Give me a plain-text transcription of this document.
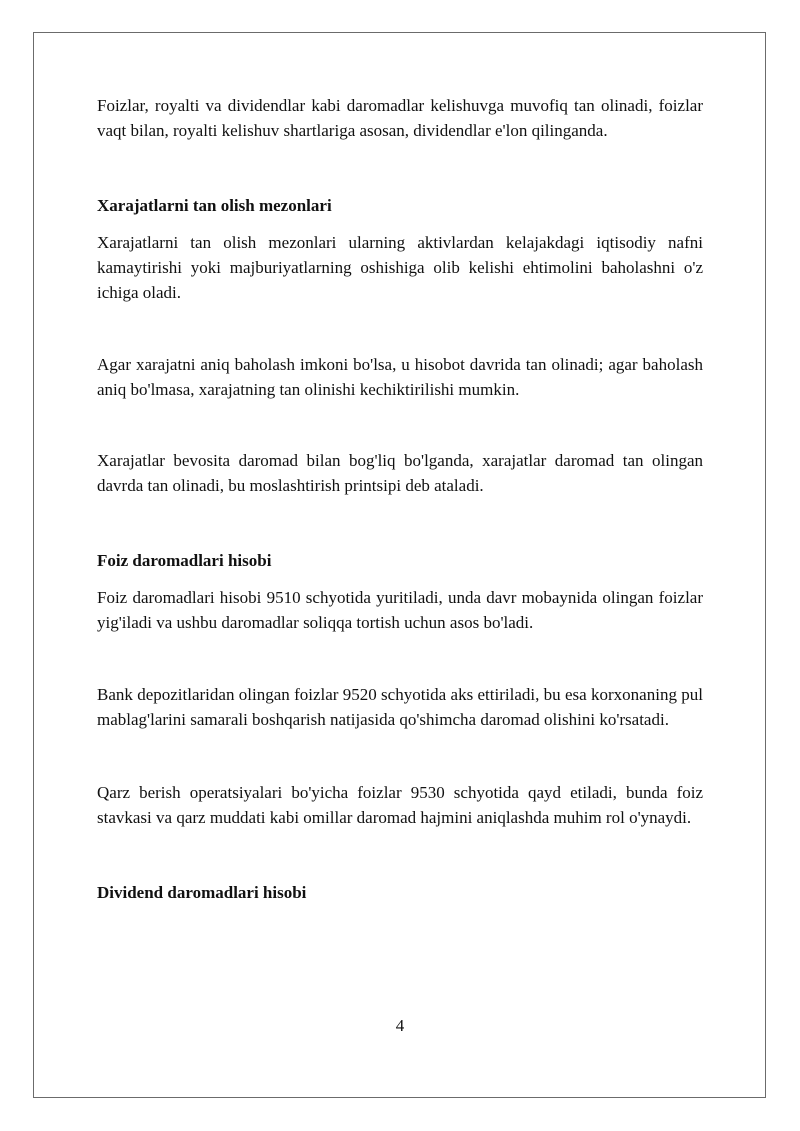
Foizlar, royalti va dividendlar kabi daromadlar kelishuvga muvofiq tan olinadi, foizlar vaqt bilan, royalti kelishuv shartlariga asosan, dividendlar e'lon qilinganda.

Xarajatlarni tan olish mezonlari

Xarajatlarni tan olish mezonlari ularning aktivlardan kelajakdagi iqtisodiy nafni kamaytirishi yoki majburiyatlarning oshishiga olib kelishi ehtimolini baholashni o'z ichiga oladi.

Agar xarajatni aniq baholash imkoni bo'lsa, u hisobot davrida tan olinadi; agar baholash aniq bo'lmasa, xarajatning tan olinishi kechiktirilishi mumkin.

Xarajatlar bevosita daromad bilan bog'liq bo'lganda, xarajatlar daromad tan olingan davrda tan olinadi, bu moslashtirish printsipi deb ataladi.

Foiz daromadlari hisobi

Foiz daromadlari hisobi 9510 schyotida yuritiladi, unda davr mobaynida olingan foizlar yig'iladi va ushbu daromadlar soliqqa tortish uchun asos bo'ladi.

Bank depozitlaridan olingan foizlar 9520 schyotida aks ettiriladi, bu esa korxonaning pul mablag'larini samarali boshqarish natijasida qo'shimcha daromad olishini ko'rsatadi.

Qarz berish operatsiyalari bo'yicha foizlar 9530 schyotida qayd etiladi, bunda foiz stavkasi va qarz muddati kabi omillar daromad hajmini aniqlashda muhim rol o'ynaydi.

Dividend daromadlari hisobi
4
